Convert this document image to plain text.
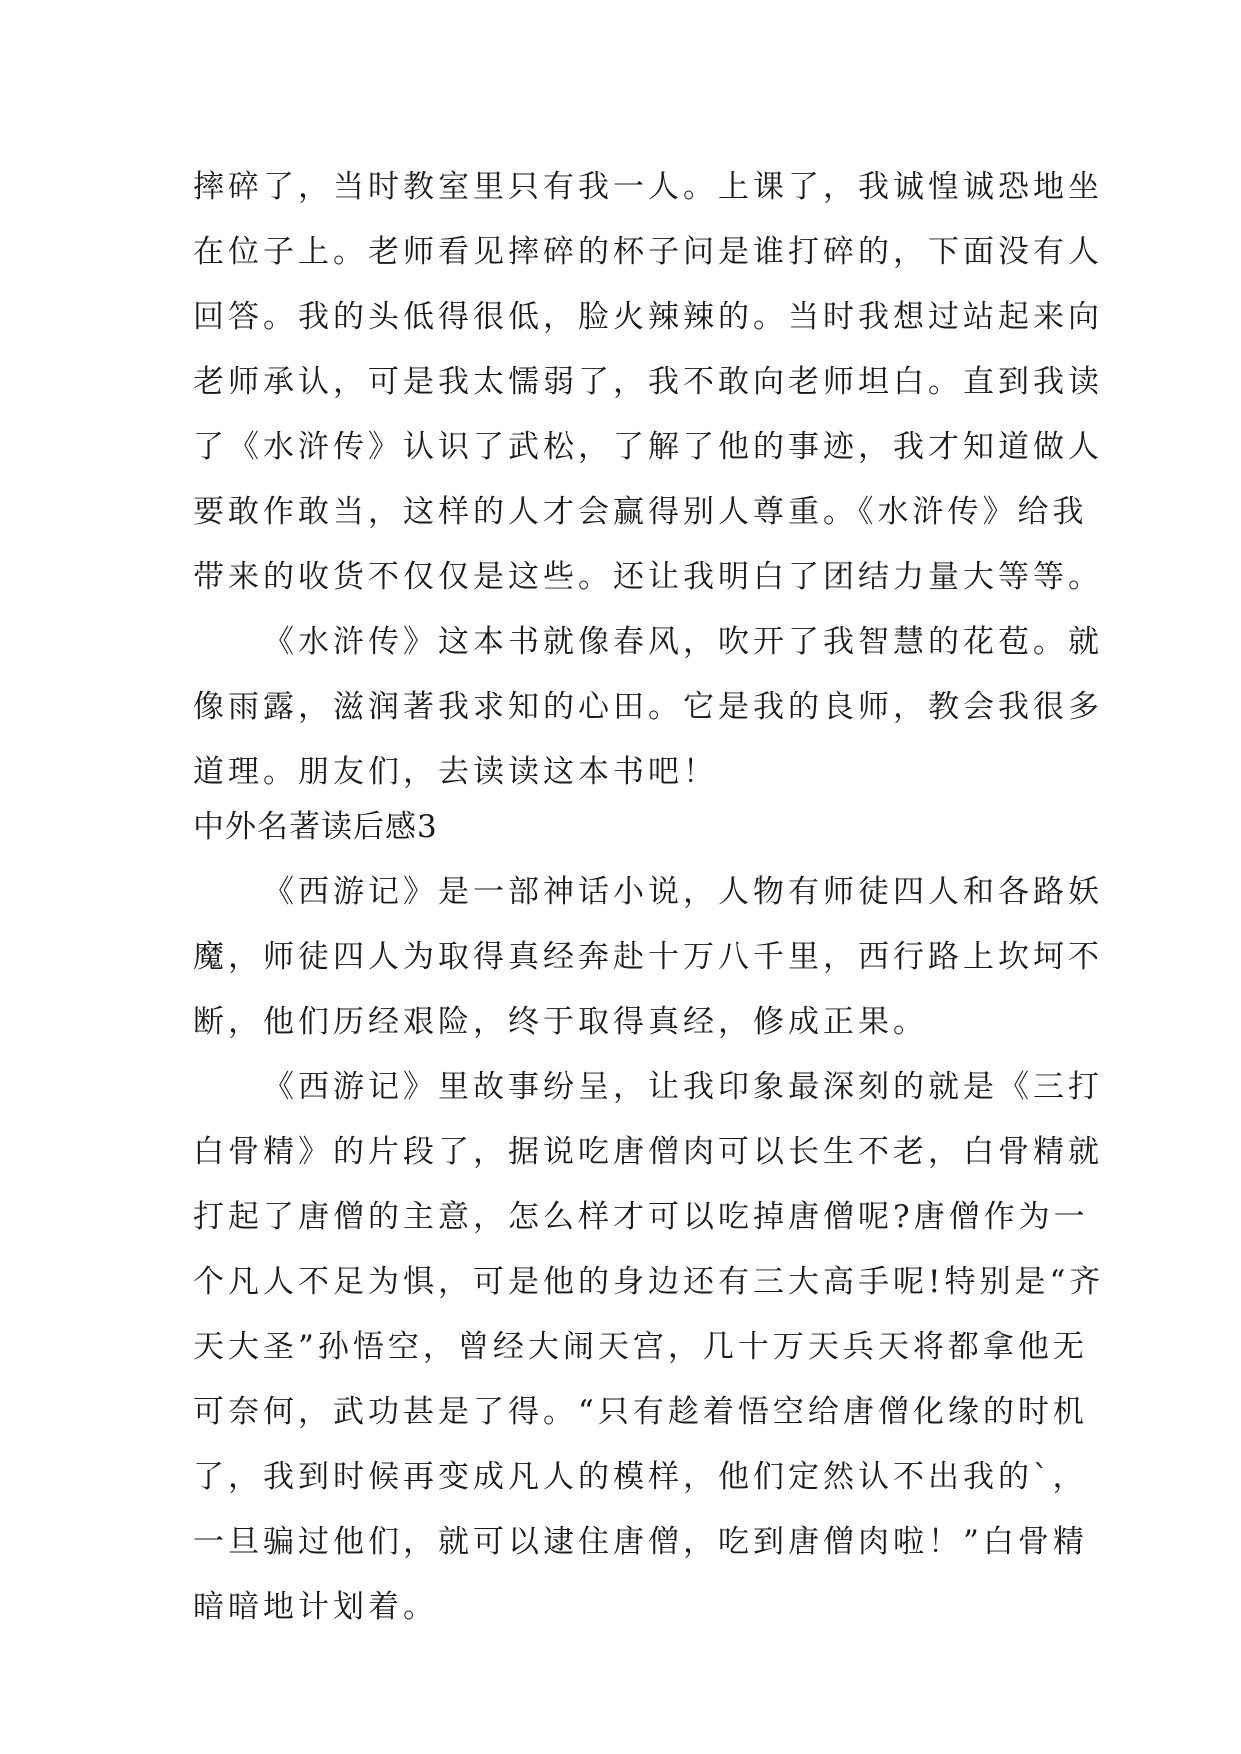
摔碎了，当时教室里只有我一人。上课了，我诚惶诚恐地坐
在位子上。老师看见摔碎的杯子问是谁打碎的，下面没有人
回答。我的头低得很低，脸火辣辣的。当时我想过站起来向
老师承认，可是我太懦弱了，我不敢向老师坦白。直到我读
了《水浒传》认识了武松，了解了他的事迹，我才知道做人
要敢作敢当，这样的人才会赢得别人尊重。《水浒传》给我
带来的收货不仅仅是这些。还让我明白了团结力量大等等。
《水浒传》这本书就像春风，吹开了我智慧的花苞。就
像雨露，滋润著我求知的心田。它是我的良师，教会我很多
道理。朋友们，去读读这本书吧！
中外名著读后感3
《西游记》是一部神话小说，人物有师徒四人和各路妖
魔，师徒四人为取得真经奔赴十万八千里，西行路上坎坷不
断，他们历经艰险，终于取得真经，修成正果。
《西游记》里故事纷呈，让我印象最深刻的就是《三打
白骨精》的片段了，据说吃唐僧肉可以长生不老，白骨精就
打起了唐僧的主意，怎么样才可以吃掉唐僧呢?唐僧作为一
个凡人不足为惧，可是他的身边还有三大高手呢!特别是“齐
天大圣”孙悟空，曾经大闹天宫，几十万天兵天将都拿他无
可奈何，武功甚是了得。“只有趁着悟空给唐僧化缘的时机
了，我到时候再变成凡人的模样，他们定然认不出我的`，
一旦骗过他们，就可以逮住唐僧，吃到唐僧肉啦！”白骨精
暗暗地计划着。
